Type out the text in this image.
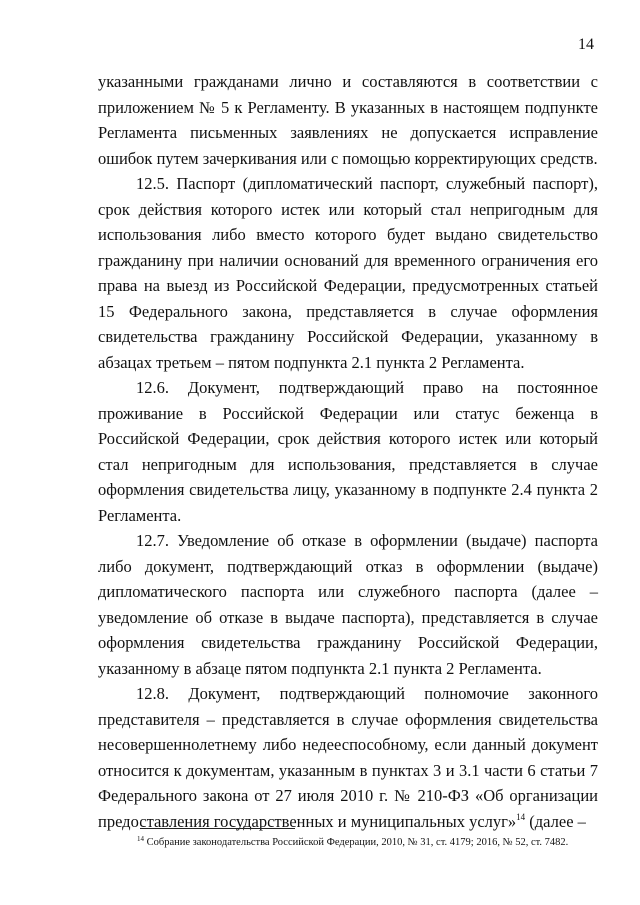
14

указанными гражданами лично и составляются в соответствии с приложением № 5 к Регламенту. В указанных в настоящем подпункте Регламента письменных заявлениях не допускается исправление ошибок путем зачеркивания или с помощью корректирующих средств.

12.5. Паспорт (дипломатический паспорт, служебный паспорт), срок действия которого истек или который стал непригодным для использования либо вместо которого будет выдано свидетельство гражданину при наличии оснований для временного ограничения его права на выезд из Российской Федерации, предусмотренных статьей 15 Федерального закона, представляется в случае оформления свидетельства гражданину Российской Федерации, указанному в абзацах третьем – пятом подпункта 2.1 пункта 2 Регламента.

12.6. Документ, подтверждающий право на постоянное проживание в Российской Федерации или статус беженца в Российской Федерации, срок действия которого истек или который стал непригодным для использования, представляется в случае оформления свидетельства лицу, указанному в подпункте 2.4 пункта 2 Регламента.

12.7. Уведомление об отказе в оформлении (выдаче) паспорта либо документ, подтверждающий отказ в оформлении (выдаче) дипломатического паспорта или служебного паспорта (далее – уведомление об отказе в выдаче паспорта), представляется в случае оформления свидетельства гражданину Российской Федерации, указанному в абзаце пятом подпункта 2.1 пункта 2 Регламента.

12.8. Документ, подтверждающий полномочие законного представителя – представляется в случае оформления свидетельства несовершеннолетнему либо недееспособному, если данный документ относится к документам, указанным в пунктах 3 и 3.1 части 6 статьи 7 Федерального закона от 27 июля 2010 г. № 210-ФЗ «Об организации предоставления государственных и муниципальных услуг»$^{14}$ (далее –

$^{14}$ Собрание законодательства Российской Федерации, 2010, № 31, ст. 4179; 2016, № 52, ст. 7482.
